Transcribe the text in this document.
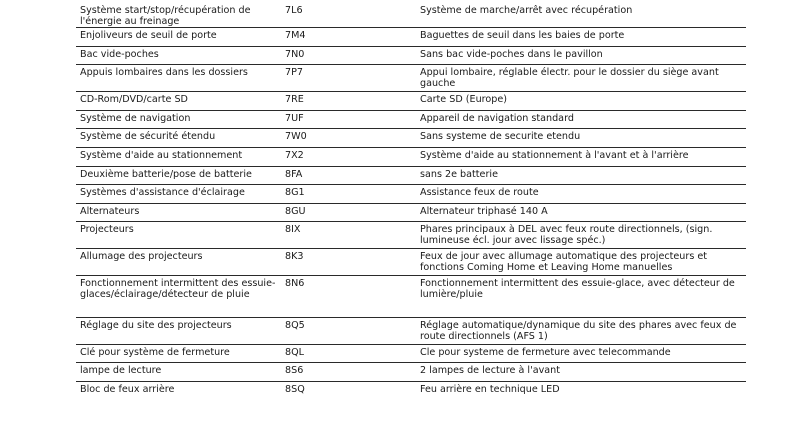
Système start/stop/récupération de l'énergie au freinage	7L6	Système de marche/arrêt avec récupération
Enjoliveurs de seuil de porte	7M4	Baguettes de seuil dans les baies de porte
Bac vide-poches	7N0	Sans bac vide-poches dans le pavillon
Appuis lombaires dans les dossiers	7P7	Appui lombaire, réglable électr. pour le dossier du siège avant gauche
CD-Rom/DVD/carte SD	7RE	Carte SD (Europe)
Système de navigation	7UF	Appareil de navigation standard
Système de sécurité étendu	7W0	Sans systeme de securite etendu
Système d'aide au stationnement	7X2	Système d'aide au stationnement à l'avant et à l'arrière
Deuxième batterie/pose de batterie	8FA	sans 2e batterie
Systèmes d'assistance d'éclairage	8G1	Assistance feux de route
Alternateurs	8GU	Alternateur triphasé 140 A
Projecteurs	8IX	Phares principaux à DEL avec feux route directionnels, (sign. lumineuse écl. jour avec lissage spéc.)
Allumage des projecteurs	8K3	Feux de jour avec allumage automatique des projecteurs et fonctions Coming Home et Leaving Home manuelles
Fonctionnement intermittent des essuie-glaces/éclairage/détecteur de pluie	8N6	Fonctionnement intermittent des essuie-glace, avec détecteur de lumière/pluie
Réglage du site des projecteurs	8Q5	Réglage automatique/dynamique du site des phares avec feux de route directionnels (AFS 1)
Clé pour système de fermeture	8QL	Cle pour systeme de fermeture avec telecommande
lampe de lecture	8S6	2 lampes de lecture à l'avant
Bloc de feux arrière	8SQ	Feu arrière en technique LED
